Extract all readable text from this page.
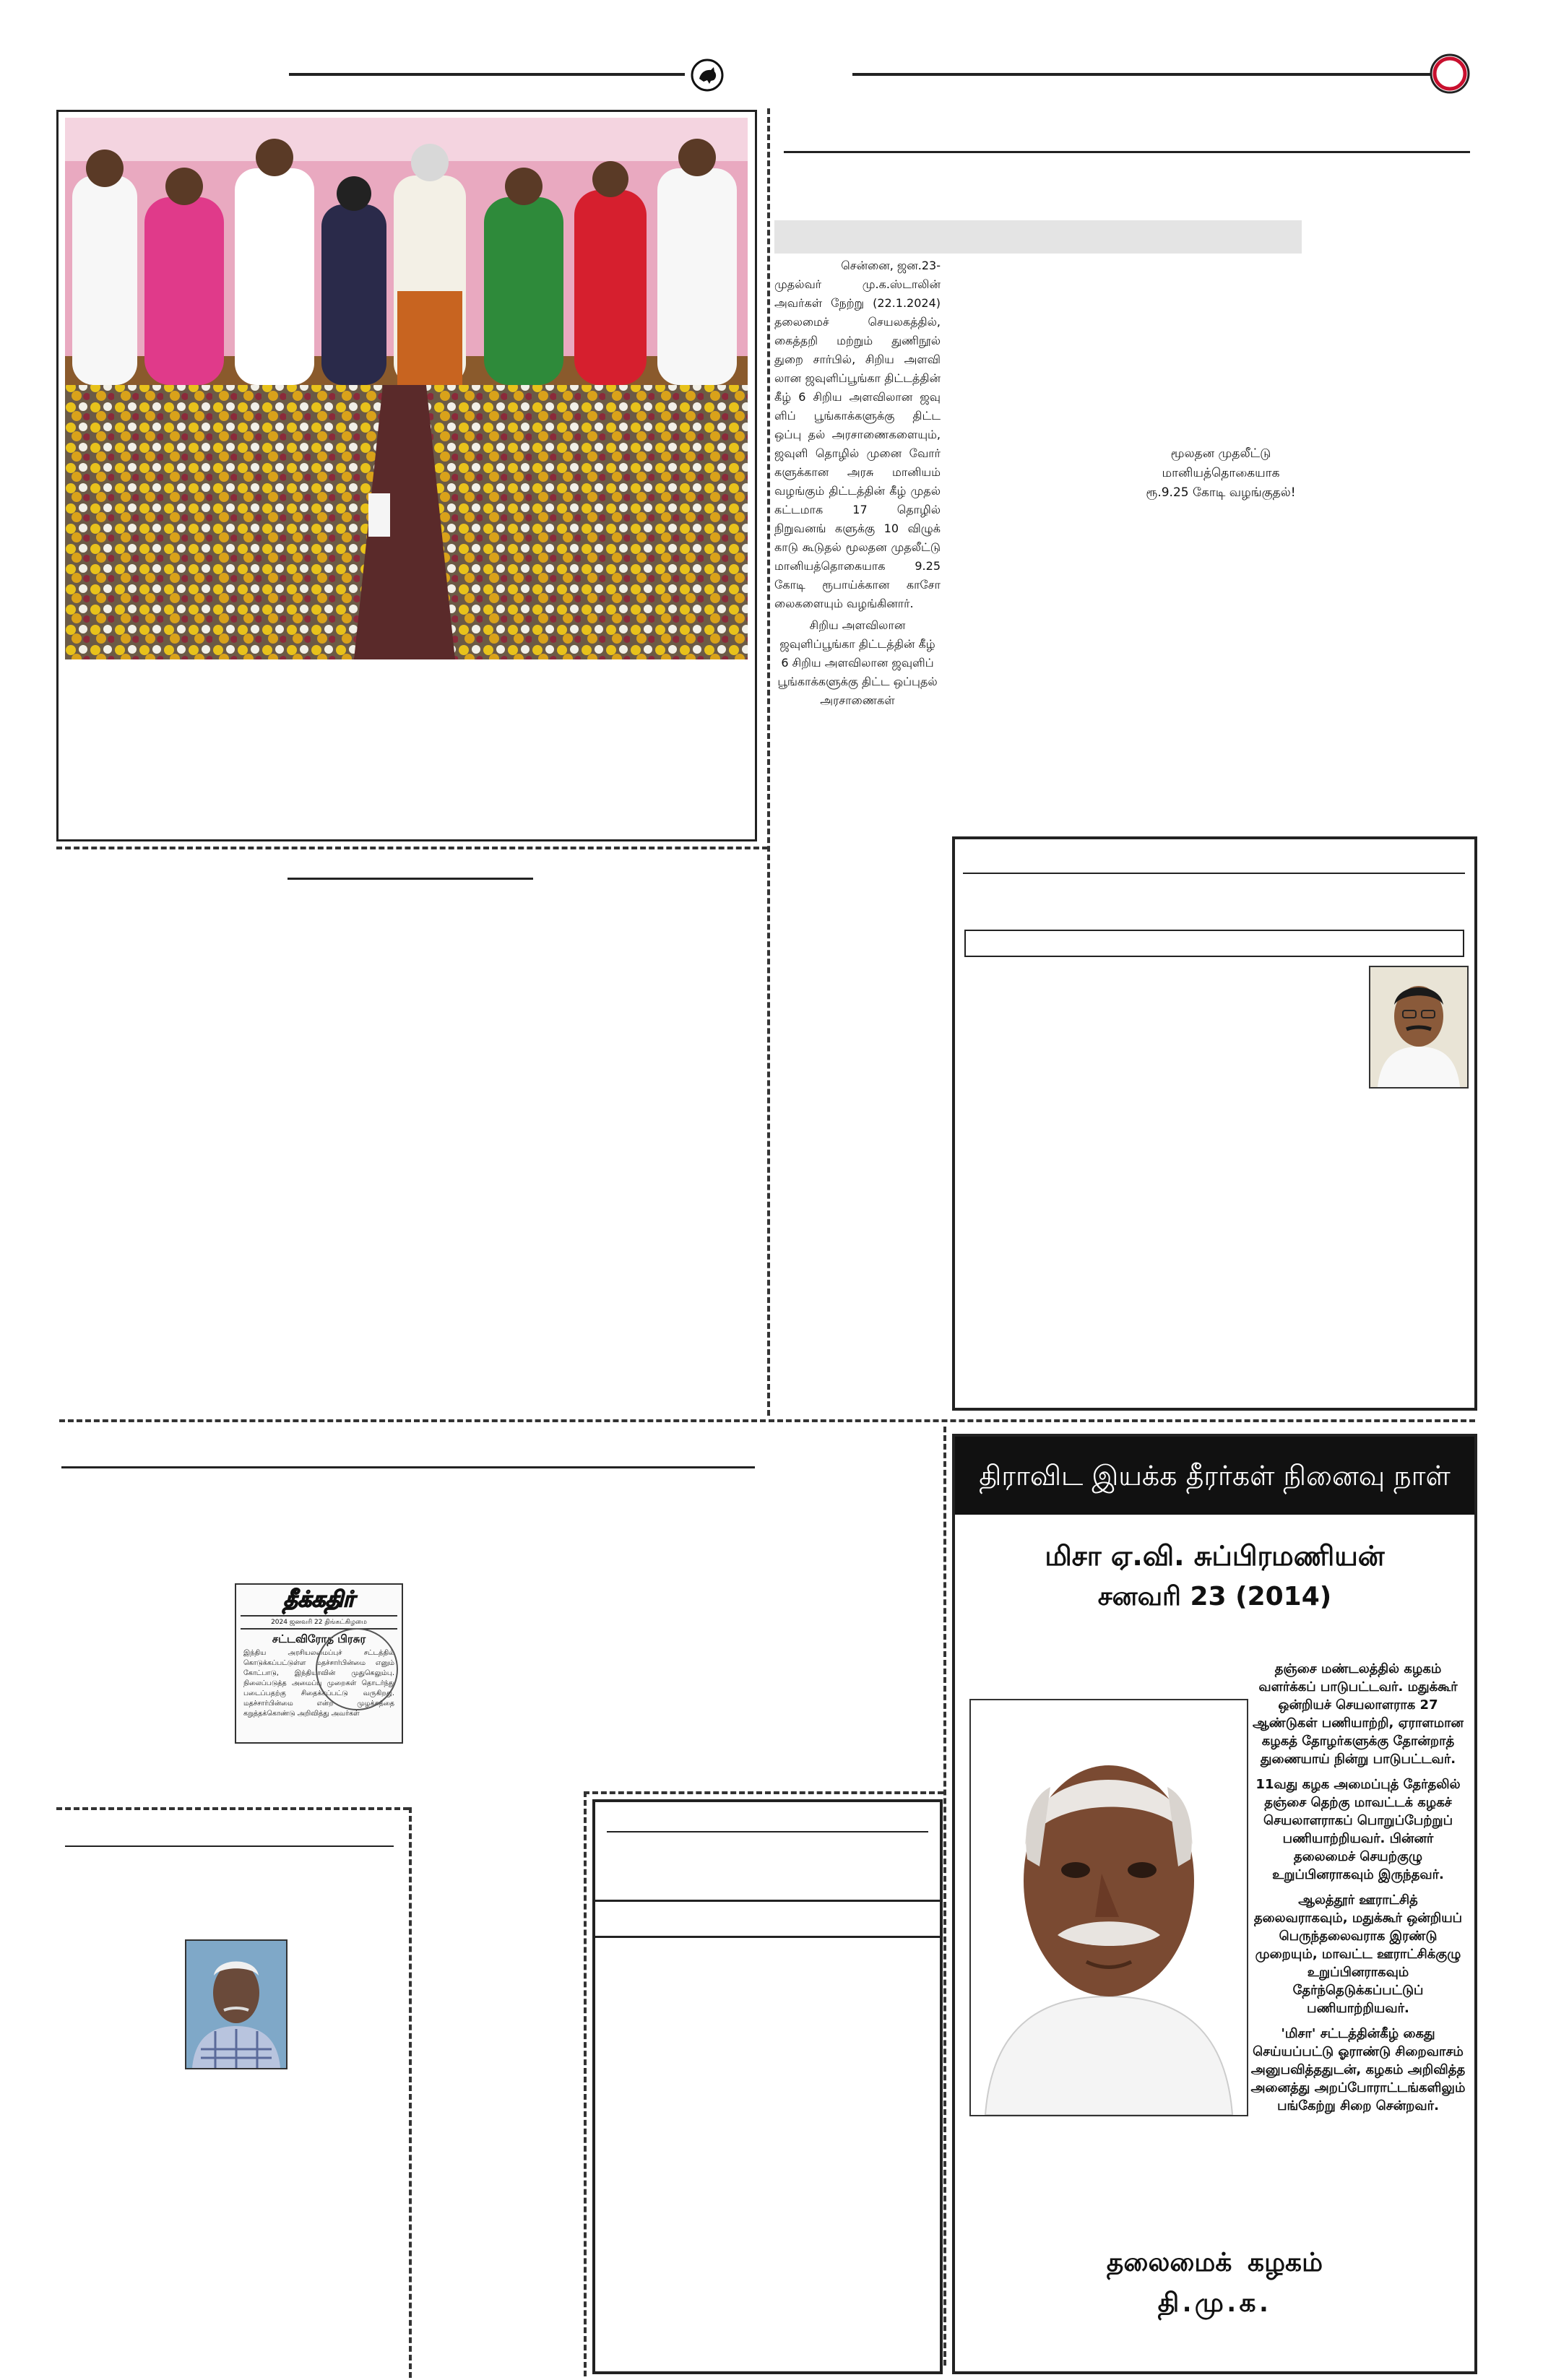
சென்னை, ஜன.23-
முதல்வர் மு.க.ஸ்டாலின் அவர்கள் நேற்று (22.1.2024) தலைமைச் செயலகத்தில், கைத்தறி மற்றும் துணிநூல் துறை சார்பில், சிறிய அளவி லான ஜவுளிப்பூங்கா திட்டத்தின் கீழ் 6 சிறிய அளவிலான ஜவு ளிப் பூங்காக்களுக்கு திட்ட ஒப்பு தல் அரசாணைகளையும், ஜவுளி தொழில் முனை வோர் களுக்கான அரசு மானியம் வழங்கும் திட்டத்தின் கீழ் முதல் கட்டமாக 17 தொழில் நிறுவனங் களுக்கு 10 விழுக் காடு கூடுதல் மூலதன முதலீட்டு மானியத்தொகையாக 9.25 கோடி ரூபாய்க்கான காசோ லைகளையும் வழங்கினார்.
சிறிய அளவிலான ஜவுளிப்பூங்கா திட்டத்தின் கீழ் 6 சிறிய அளவிலான ஜவுளிப் பூங்காக்களுக்கு திட்ட ஒப்புதல் அரசாணைகள்
மூலதன முதலீட்டு
மானியத்தொகையாக
ரூ.9.25 கோடி வழங்குதல்!
தீக்கதிர்
2024 ஜனவரி 22 திங்கட்கிழமை
சட்டவிரோத பிரசுர
இந்திய அரசியலமைப்புச் சட்டத்தில் கொடுக்கப்பட்டுள்ள மதச்சார்பின்மை எனும் கோட்பாடு, இந்தியாவின் முதுகெலும்பு. நிலைப்படுத்த அமைப்பு முறைகள் தொடர்ந்து படைப்பதற்கு சிதைக்கப்பட்டு வருகிறது. மதச்சார்பின்மை என்ற முழக்கத்தை கறுத்தக்கொண்டு அறிவித்து அவர்கள்
திராவிட இயக்க தீரர்கள் நினைவு நாள்
மிசா ஏ.வி. சுப்பிரமணியன்
சனவரி 23 (2014)
தஞ்சை மண்டலத்தில் கழகம் வளர்க்கப் பாடுபட்டவர். மதுக்கூர் ஒன்றியச் செயலாளராக 27 ஆண்டுகள் பணியாற்றி, ஏராளமான கழகத் தோழர்களுக்கு தோன்றாத் துணையாய் நின்று பாடுபட்டவர்.
11வது கழக அமைப்புத் தேர்தலில் தஞ்சை தெற்கு மாவட்டக் கழகச் செயலாளராகப் பொறுப்பேற்றுப் பணியாற்றியவர். பின்னர் தலைமைச் செயற்குழு உறுப்பினராகவும் இருந்தவர்.
ஆலத்தூர் ஊராட்சித் தலைவராகவும், மதுக்கூர் ஒன்றியப் பெருந்தலைவராக இரண்டு முறையும், மாவட்ட ஊராட்சிக்குழு உறுப்பினராகவும் தேர்ந்தெடுக்கப்பட்டுப் பணியாற்றியவர்.
'மிசா' சட்டத்தின்கீழ் கைது செய்யப்பட்டு ஓராண்டு சிறைவாசம் அனுபவித்ததுடன், கழகம் அறிவித்த அனைத்து அறப்போராட்டங்களிலும் பங்கேற்று சிறை சென்றவர்.
தலைமைக் கழகம்
தி.மு.க.
